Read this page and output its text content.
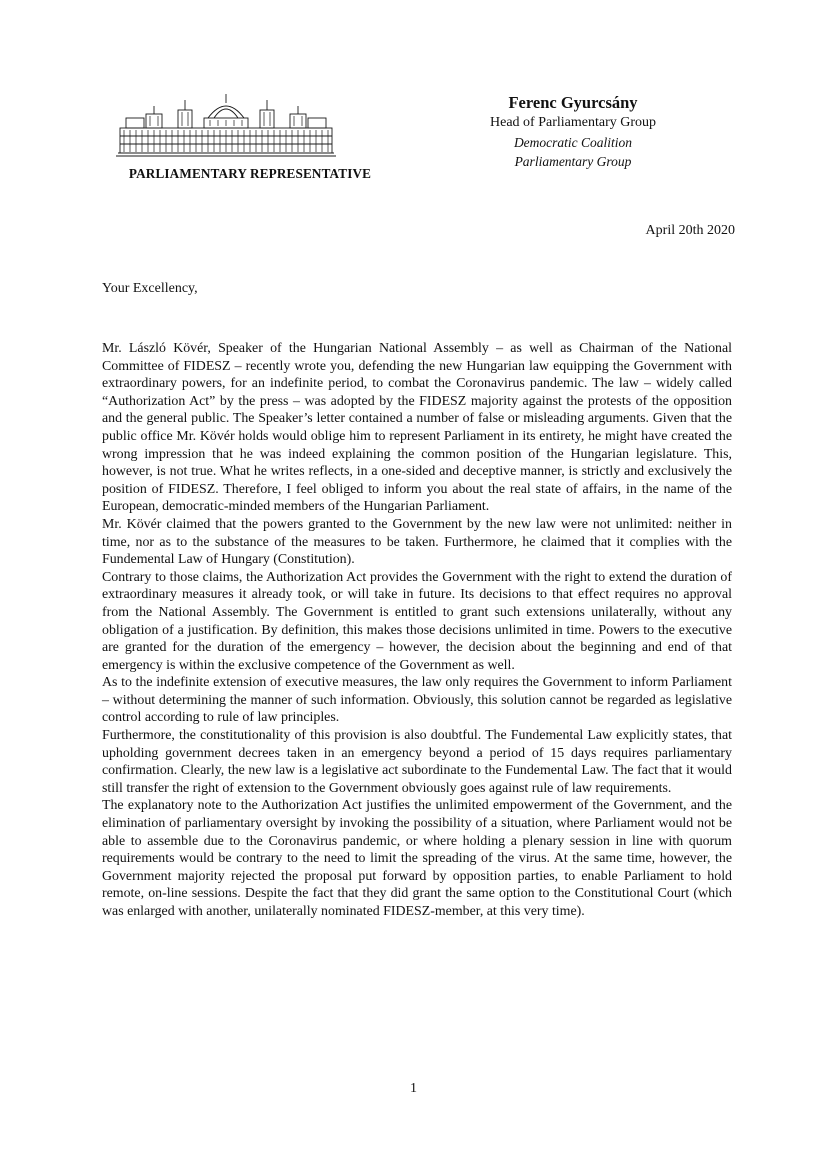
PARLIAMENTARY REPRESENTATIVE
Ferenc Gyurcsány
Head of Parliamentary Group
Democratic Coalition
Parliamentary Group
April 20th 2020
Your Excellency,

Mr. László Kövér, Speaker of the Hungarian National Assembly – as well as Chairman of the National Committee of FIDESZ – recently wrote you, defending the new Hungarian law equipping the Government with extraordinary powers, for an indefinite period, to combat the Coronavirus pandemic. The law – widely called “Authorization Act” by the press – was adopted by the FIDESZ majority against the protests of the opposition and the general public. The Speaker’s letter contained a number of false or misleading arguments. Given that the public office Mr. Kövér holds would oblige him to represent Parliament in its entirety, he might have created the wrong impression that he was indeed explaining the common position of the Hungarian legislature. This, however, is not true. What he writes reflects, in a one-sided and deceptive manner, is strictly and exclusively the position of FIDESZ. Therefore, I feel obliged to inform you about the real state of affairs, in the name of the European, democratic-minded members of the Hungarian Parliament.

Mr. Kövér claimed that the powers granted to the Government by the new law were not unlimited: neither in time, nor as to the substance of the measures to be taken. Furthermore, he claimed that it complies with the Fundemental Law of Hungary (Constitution).

Contrary to those claims, the Authorization Act provides the Government with the right to extend the duration of extraordinary measures it already took, or will take in future. Its decisions to that effect requires no approval from the National Assembly. The Government is entitled to grant such extensions unilaterally, without any obligation of a justification. By definition, this makes those decisions unlimited in time. Powers to the executive are granted for the duration of the emergency – however, the decision about the beginning and end of that emergency is within the exclusive competence of the Government as well.

As to the indefinite extension of executive measures, the law only requires the Government to inform Parliament – without determining the manner of such information. Obviously, this solution cannot be regarded as legislative control according to rule of law principles.

Furthermore, the constitutionality of this provision is also doubtful. The Fundemental Law explicitly states, that upholding government decrees taken in an emergency beyond a period of 15 days requires parliamentary confirmation. Clearly, the new law is a legislative act subordinate to the Fundemental Law. The fact that it would still transfer the right of extension to the Government obviously goes against rule of law requirements.

The explanatory note to the Authorization Act justifies the unlimited empowerment of the Government, and the elimination of parliamentary oversight by invoking the possibility of a situation, where Parliament would not be able to assemble due to the Coronavirus pandemic, or where holding a plenary session in line with quorum requirements would be contrary to the need to limit the spreading of the virus. At the same time, however, the Government majority rejected the proposal put forward by opposition parties, to enable Parliament to hold remote, on-line sessions. Despite the fact that they did grant the same option to the Constitutional Court (which was enlarged with another, unilaterally nominated FIDESZ-member, at this very time).

1
